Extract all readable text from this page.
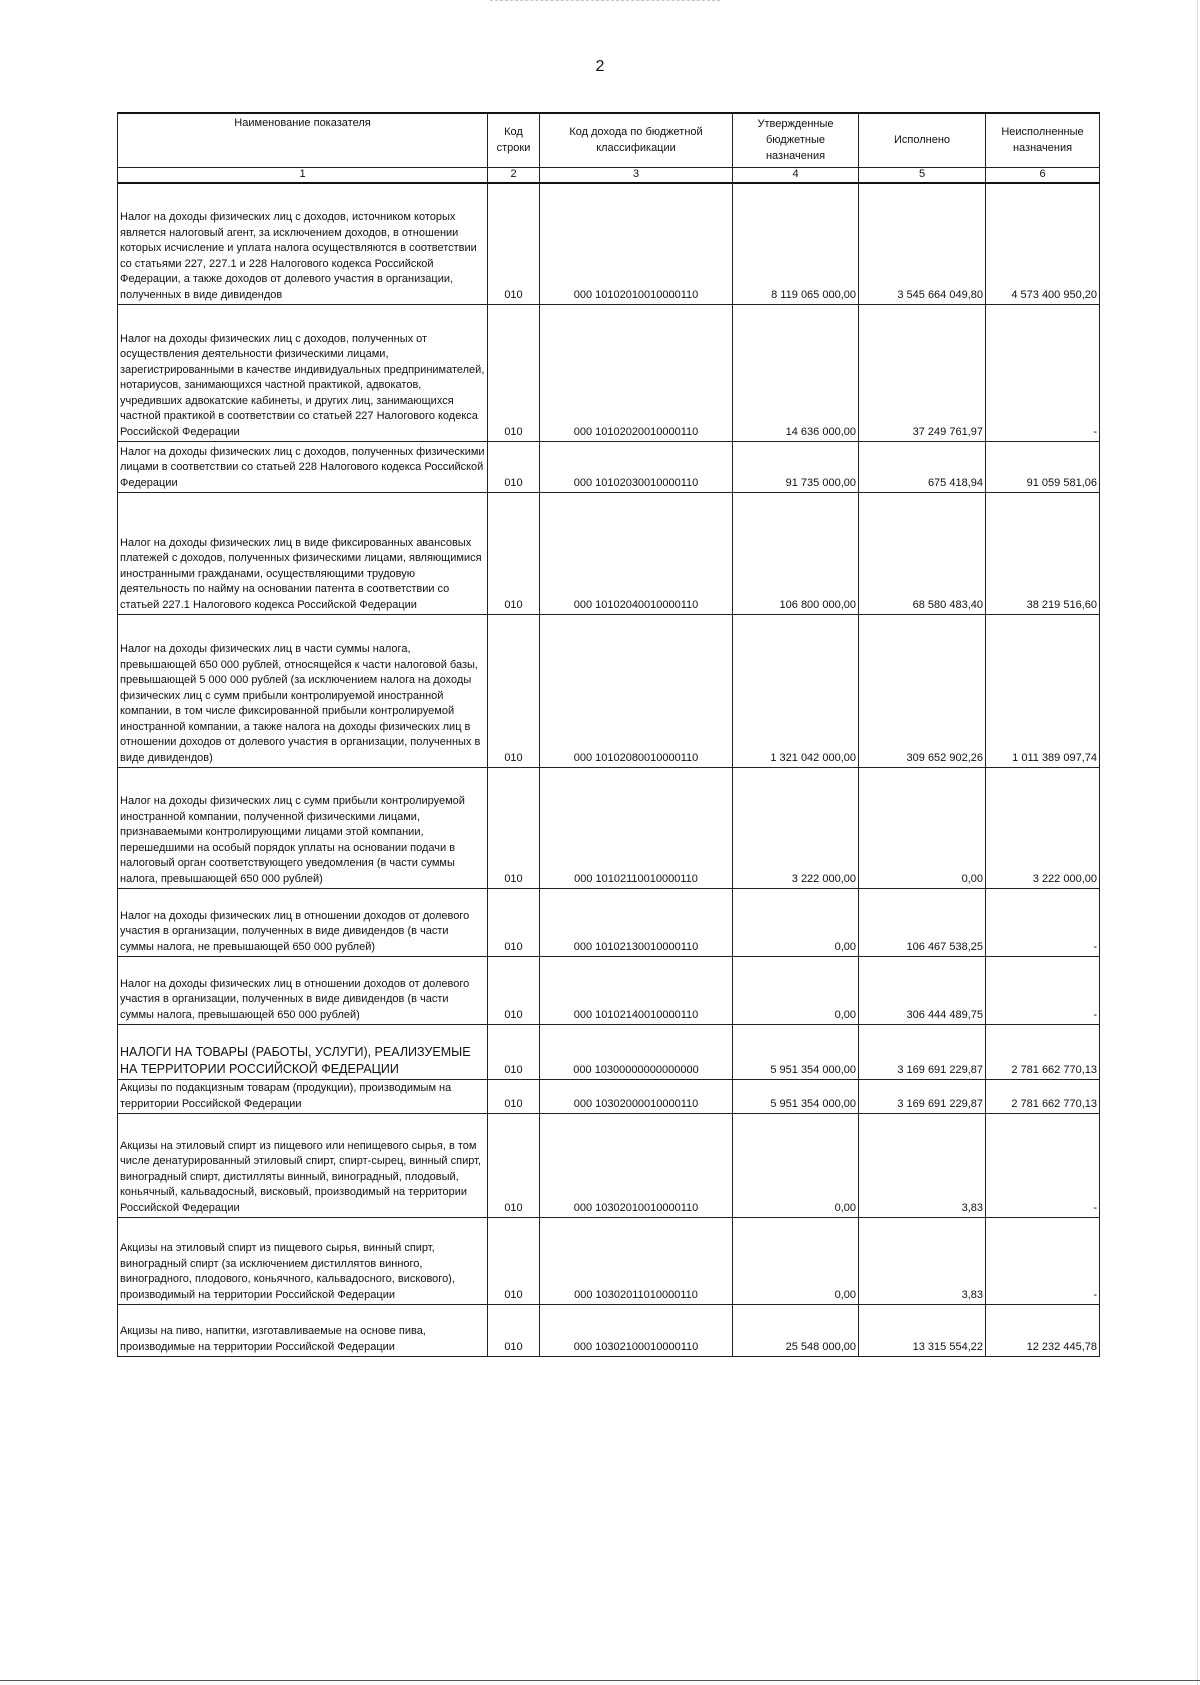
2
Наименование показателя	Код строки	Код дохода по бюджетной классификации	Утвержденные бюджетные назначения	Исполнено	Неисполненные назначения
1	2	3	4	5	6
Налог на доходы физических лиц с доходов, источником которых является налоговый агент, за исключением доходов, в отношении которых исчисление и уплата налога осуществляются в соответствии со статьями 227, 227.1 и 228 Налогового кодекса Российской Федерации, а также доходов от долевого участия в организации, полученных в виде дивидендов	010	000 10102010010000110	8 119 065 000,00	3 545 664 049,80	4 573 400 950,20
Налог на доходы физических лиц с доходов, полученных от осуществления деятельности физическими лицами, зарегистрированными в качестве индивидуальных предпринимателей, нотариусов, занимающихся частной практикой, адвокатов, учредивших адвокатские кабинеты, и других лиц, занимающихся частной практикой в соответствии со статьей 227 Налогового кодекса Российской Федерации	010	000 10102020010000110	14 636 000,00	37 249 761,97	-
Налог на доходы физических лиц с доходов, полученных физическими лицами в соответствии со статьей 228 Налогового кодекса Российской Федерации	010	000 10102030010000110	91 735 000,00	675 418,94	91 059 581,06
Налог на доходы физических лиц в виде фиксированных авансовых платежей с доходов, полученных физическими лицами, являющимися иностранными гражданами, осуществляющими трудовую деятельность по найму на основании патента в соответствии со статьей 227.1 Налогового кодекса Российской Федерации	010	000 10102040010000110	106 800 000,00	68 580 483,40	38 219 516,60
Налог на доходы физических лиц в части суммы налога, превышающей 650 000 рублей, относящейся к части налоговой базы, превышающей 5 000 000 рублей (за исключением налога на доходы физических лиц с сумм прибыли контролируемой иностранной компании, в том числе фиксированной прибыли контролируемой иностранной компании, а также налога на доходы физических лиц в отношении доходов от долевого участия в организации, полученных в виде дивидендов)	010	000 10102080010000110	1 321 042 000,00	309 652 902,26	1 011 389 097,74
Налог на доходы физических лиц с сумм прибыли контролируемой иностранной компании, полученной физическими лицами, признаваемыми контролирующими лицами этой компании, перешедшими на особый порядок уплаты на основании подачи в налоговый орган соответствующего уведомления (в части суммы налога, превышающей 650 000 рублей)	010	000 10102110010000110	3 222 000,00	0,00	3 222 000,00
Налог на доходы физических лиц в отношении доходов от долевого участия в организации, полученных в виде дивидендов (в части суммы налога, не превышающей 650 000 рублей)	010	000 10102130010000110	0,00	106 467 538,25	-
Налог на доходы физических лиц в отношении доходов от долевого участия в организации, полученных в виде дивидендов (в части суммы налога, превышающей 650 000 рублей)	010	000 10102140010000110	0,00	306 444 489,75	-
НАЛОГИ НА ТОВАРЫ (РАБОТЫ, УСЛУГИ), РЕАЛИЗУЕМЫЕ НА ТЕРРИТОРИИ РОССИЙСКОЙ ФЕДЕРАЦИИ	010	000 10300000000000000	5 951 354 000,00	3 169 691 229,87	2 781 662 770,13
Акцизы по подакцизным товарам (продукции), производимым на территории Российской Федерации	010	000 10302000010000110	5 951 354 000,00	3 169 691 229,87	2 781 662 770,13
Акцизы на этиловый спирт из пищевого или непищевого сырья, в том числе денатурированный этиловый спирт, спирт-сырец, винный спирт, виноградный спирт, дистилляты винный, виноградный, плодовый, коньячный, кальвадосный, висковый, производимый на территории Российской Федерации	010	000 10302010010000110	0,00	3,83	-
Акцизы на этиловый спирт из пищевого сырья, винный спирт, виноградный спирт (за исключением дистиллятов винного, виноградного, плодового, коньячного, кальвадосного, вискового), производимый на территории Российской Федерации	010	000 10302011010000110	0,00	3,83	-
Акцизы на пиво, напитки, изготавливаемые на основе пива, производимые на территории Российской Федерации	010	000 10302100010000110	25 548 000,00	13 315 554,22	12 232 445,78
